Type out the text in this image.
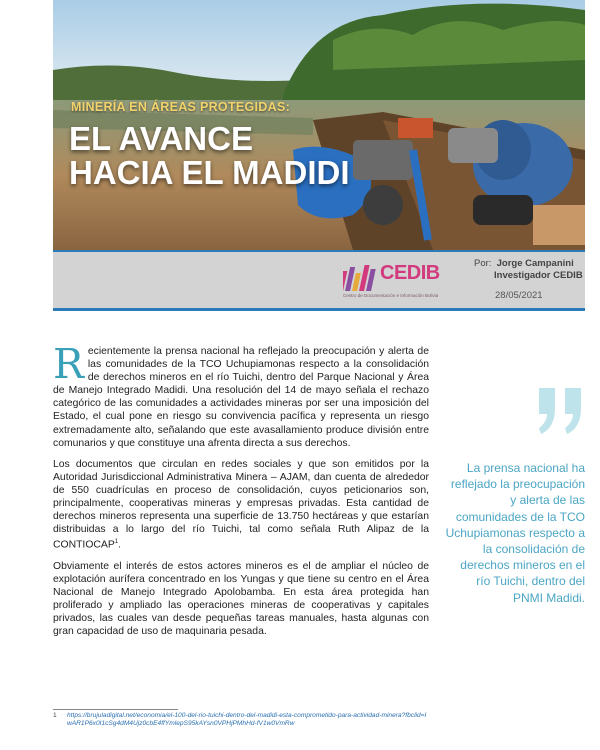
MINERÍA EN ÁREAS PROTEGIDAS:
EL AVANCE
HACIA EL MADIDI
CEDIB
Centro de Documentación e Información Bolivia
Por: Jorge Campanini
Investigador CEDIB
28/05/2021

Recientemente la prensa nacional ha reflejado la preocupación y alerta de las comunidades de la TCO Uchupiamonas respecto a la consolidación de derechos mineros en el río Tuichi, dentro del Parque Nacional y Área de Manejo Integrado Madidi. Una resolución del 14 de mayo señala el rechazo categórico de las comunidades a actividades mineras por ser una imposición del Estado, el cual pone en riesgo su convivencia pacífica y representa un riesgo extremadamente alto, señalando que este avasallamiento produce división entre comunarios y que constituye una afrenta directa a sus derechos.

Los documentos que circulan en redes sociales y que son emitidos por la Autoridad Jurisdiccional Administrativa Minera – AJAM, dan cuenta de alrededor de 550 cuadrículas en proceso de consolidación, cuyos peticionarios son, principalmente, cooperativas mineras y empresas privadas. Esta cantidad de derechos mineros representa una superficie de 13.750 hectáreas y que estarían distribuidas a lo largo del río Tuichi, tal como señala Ruth Alipaz de la CONTIOCAP$^1$.

Obviamente el interés de estos actores mineros es el de ampliar el núcleo de explotación aurífera concentrado en los Yungas y que tiene su centro en el Área Nacional de Manejo Integrado Apolobamba. En esta área protegida han proliferado y ampliado las operaciones mineras de cooperativas y capitales privados, las cuales van desde pequeñas tareas manuales, hasta algunas con gran capacidad de uso de maquinaria pesada.

La prensa nacional ha reflejado la preocupación y alerta de las comunidades de la TCO Uchupiamonas respecto a la consolidación de derechos mineros en el río Tuichi, dentro del PNMI Madidi.
1 https://brujuladigital.net/economia/el-100-del-rio-tuichi-dentro-del-madidi-esta-comprometido-para-actividad-minera?fbclid=IwAR1P6x0I1cSg4dM4Ujz0cbE4ffYmlepS95kAYsn0VPHjPMhHd-fV1w0VmRw
